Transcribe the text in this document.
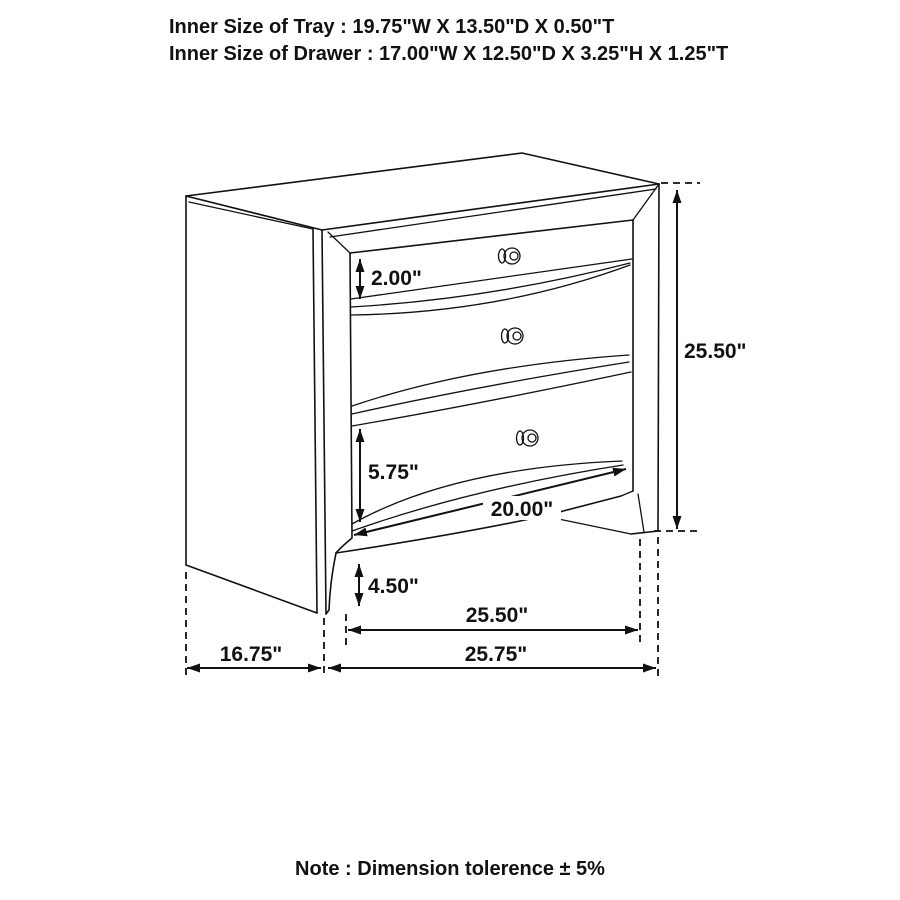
Inner Size of Tray : 19.75"W X 13.50"D X 0.50"T
Inner Size of Drawer : 17.00"W X 12.50"D X 3.25"H X 1.25"T
2.00"
5.75"
4.50"
20.00"
25.50"
25.50"
25.75"
16.75"
Note : Dimension tolerence ± 5%
